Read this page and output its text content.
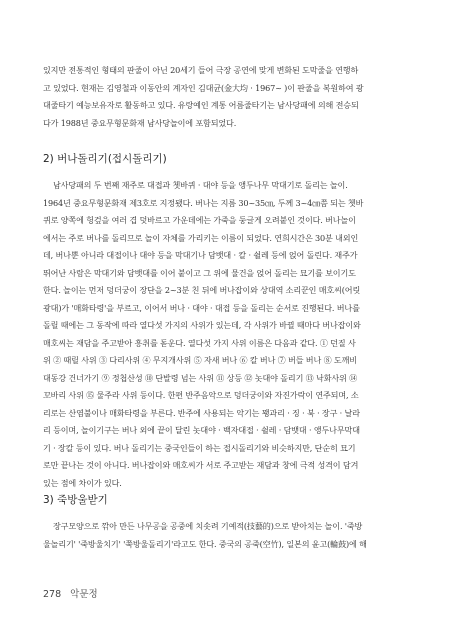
있지만 전통적인 형태의 판줄이 아닌 20세기 들어 극장 공연에 맞게 변화된 도막줄을 연행하
고 있었다. 현재는 김영철과 이동안의 계자인 김대균(金大均 · 1967~ )이 판줄을 복원하여 광
대줄타기 예능보유자로 활동하고 있다. 유랑예인 계통 어름줄타기는 남사당패에 의해 전승되
다가 1988년 중요무형문화재 남사당놀이에 포함되었다.
2) 버나돌리기(접시돌리기)
남사당패의 두 번째 재주로 대접과 쳇바퀴 · 대야 등을 앵두나무 막대기로 돌리는 놀이.
1964년 중요무형문화재 제3호로 지정됐다. 버나는 지름 30~35㎝, 두께 3~4㎝쯤 되는 쳇바
퀴로 양쪽에 헝겊을 여러 겹 덧바르고 가운데에는 가죽을 둥글게 오려붙인 것이다. 버나놀이
에서는 주로 버나를 돌리므로 놀이 자체를 가리키는 이름이 되었다. 연희시간은 30분 내외인
데, 버나뿐 아니라 대접이나 대야 등을 막대기나 담뱃대 · 칼 · 쉴레 등에 얹어 돌린다. 재주가
뛰어난 사람은 막대기와 담뱃대를 이어 붙이고 그 위에 물건을 얹어 돌리는 묘기를 보이기도
한다. 놀이는 먼저 덩더궁이 장단을 2~3분 친 뒤에 버나잡이와 상대역 소리꾼인 매호씨(어릿
광대)가 '매화타령'을 부르고, 이어서 버나 · 대야 · 대접 등을 돌리는 순서로 진행된다. 버나를
돌릴 때에는 그 동작에 따라 열다섯 가지의 사위가 있는데, 각 사위가 바뀔 때마다 버나잡이와
매호씨는 재담을 주고받아 흥취를 돋운다. 열다섯 가지 사위 이름은 다음과 같다. ① 던질 사
위 ② 때릴 사위 ③ 다리사위 ④ 무지개사위 ⑤ 자새 버나 ⑥ 칼 버나 ⑦ 버들 버나 ⑧ 도깨비
대동강 건너가기 ⑨ 정첩산성 ⑩ 단발령 넘는 사위 ⑪ 상등 ⑫ 놋대야 돌리기 ⑬ 낙화사위 ⑭
꼬바리 사위 ⑮ 물주라 사위 등이다. 한편 반주음악으로 덩더궁이와 자진가락이 연주되며, 소
리로는 산염불이나 매화타령을 부른다. 반주에 사용되는 악기는 꽹과리 · 징 · 북 · 장구 · 날라
리 등이며, 놀이기구는 버나 외에 끝이 달린 놋대야 · 백자대접 · 쉴레 · 담뱃대 · 앵두나무막대
기 · 장칼 등이 있다. 버나 돌리기는 중국인들이 하는 접시돌리기와 비슷하지만, 단순히 묘기
로만 끝나는 것이 아니다. 버나잡이와 매호씨가 서로 주고받는 재담과 창에 극적 성격이 담겨
있는 점에 차이가 있다.
3) 죽방울받기
장구모양으로 깎아 만든 나무공을 공중에 치솟려 기예적(技藝的)으로 받아치는 놀이. '죽방
울놀리기' '죽방울치기' '쭉방울돌리기'라고도 한다. 중국의 공죽(空竹), 일본의 윤고(輪鼓)에 해
278 악문정
